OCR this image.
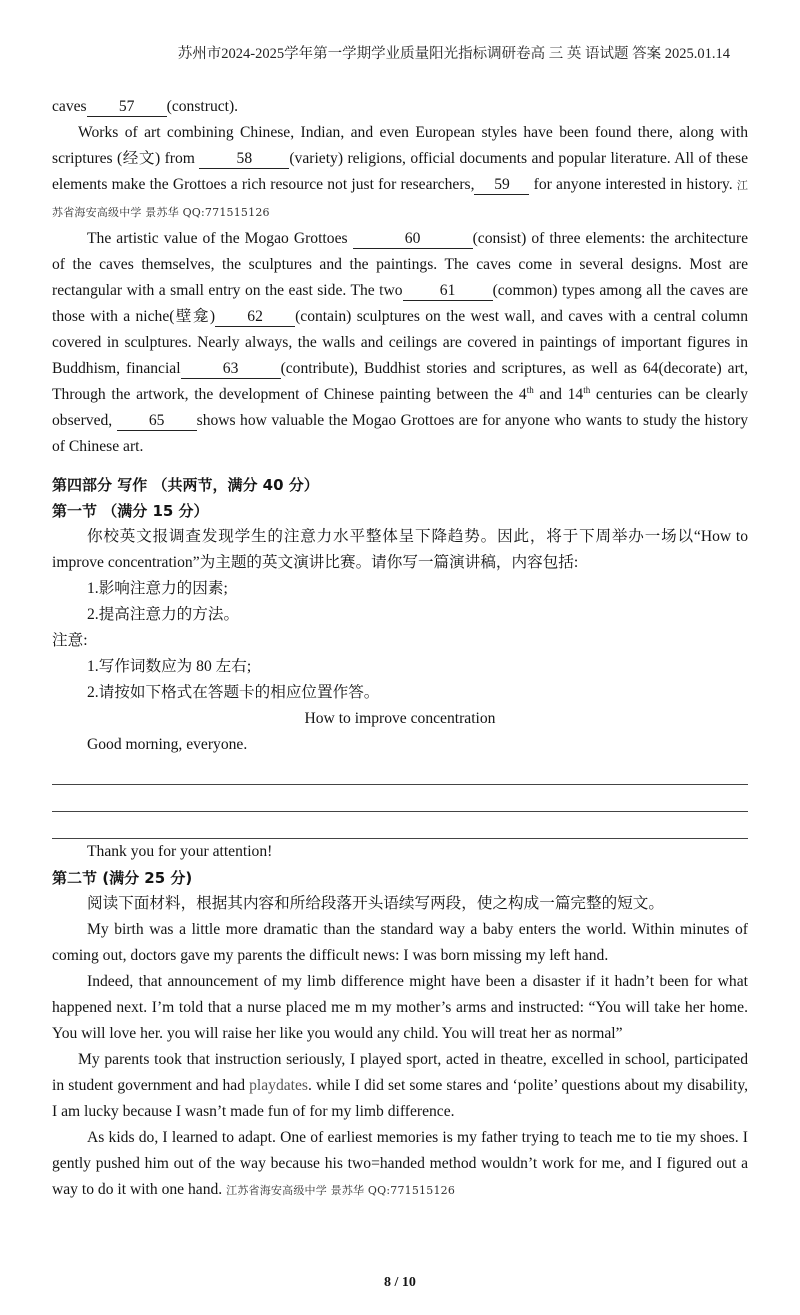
苏州市2024-2025学年第一学期学业质量阳光指标调研卷高 三 英 语试题 答案 2025.01.14

caves 57 (construct).

Works of art combining Chinese, Indian, and even European styles have been found there, along with scriptures (经文) from 58 (variety) religions, official documents and popular literature. All of these elements make the Grottoes a rich resource not just for researchers, 59 for anyone interested in history. 江苏省海安高级中学 景苏华 QQ:771515126

The artistic value of the Mogao Grottoes	60	(consist) of three elements: the architecture of the caves themselves, the sculptures and the paintings. The caves come in several designs. Most are rectangular with a small entry on the east side. The two 61 (common) types among all the caves are those with a niche(壁龛) 62 (contain) sculptures on the west wall, and caves with a central column covered in sculptures. Nearly always, the walls and ceilings are covered in paintings of important figures in Buddhism, financial	63	(contribute), Buddhist stories and scriptures, as well as 64(decorate) art, Through the artwork, the development of Chinese painting between the 4th and 14th centuries can be clearly observed, 65 shows how valuable the Mogao Grottoes are for anyone who wants to study the history of Chinese art.

第四部分 写作 （共两节，满分 40 分）

第一节 （满分 15 分）

你校英文报调查发现学生的注意力水平整体呈下降趋势。因此，将于下周举办一场以“How to improve concentration”为主题的英文演讲比赛。请你写一篇演讲稿，内容包括:

1.影响注意力的因素;

2.提高注意力的方法。

注意:

1.写作词数应为 80 左右;

2.请按如下格式在答题卡的相应位置作答。

How to improve concentration

Good morning, everyone.

Thank you for your attention!

第二节 (满分 25 分)

阅读下面材料，根据其内容和所给段落开头语续写两段，使之构成一篇完整的短文。

My birth was a little more dramatic than the standard way a baby enters the world. Within minutes of coming out, doctors gave my parents the difficult news: I was born missing my left hand.

Indeed, that announcement of my limb difference might have been a disaster if it hadn’t been for what happened next. I’m told that a nurse placed me m my mother’s arms and instructed: “You will take her home. You will love her. you will raise her like you would any child. You will treat her as normal”

My parents took that instruction seriously, I played sport, acted in theatre, excelled in school, participated in student government and had playdates. while I did set some stares and ‘polite’ questions about my disability, I am lucky because I wasn’t made fun of for my limb difference.

As kids do, I learned to adapt. One of earliest memories is my father trying to teach me to tie my shoes. I gently pushed him out of the way because his two=handed method wouldn’t work for me, and I figured out a way to do it with one hand. 江苏省海安高级中学 景苏华 QQ:771515126

8 / 10
